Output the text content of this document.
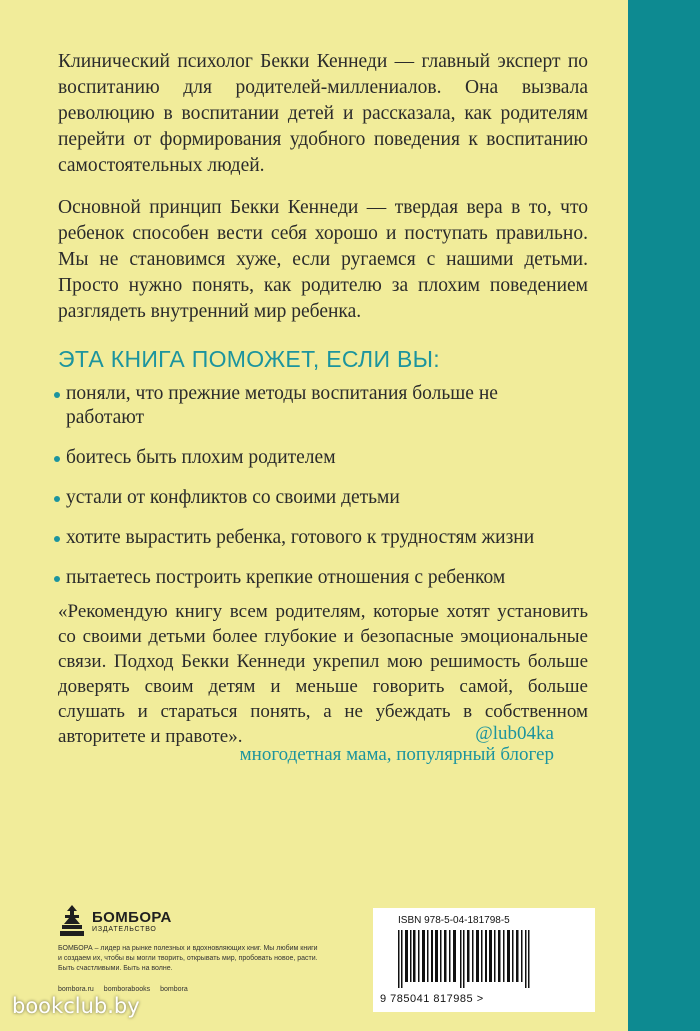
Клинический психолог Бекки Кеннеди — главный эксперт по воспитанию для родителей-миллениалов. Она вызвала революцию в воспитании детей и рассказала, как родителям перейти от формирования удобного поведения к воспитанию самостоятельных людей.
Основной принцип Бекки Кеннеди — твердая вера в то, что ребенок способен вести себя хорошо и поступать правильно. Мы не становимся хуже, если ругаемся с нашими детьми. Просто нужно понять, как родителю за плохим поведением разглядеть внутренний мир ребенка.
ЭТА КНИГА ПОМОЖЕТ, ЕСЛИ ВЫ:
поняли, что прежние методы воспитания больше не работают
боитесь быть плохим родителем
устали от конфликтов со своими детьми
хотите вырастить ребенка, готового к трудностям жизни
пытаетесь построить крепкие отношения с ребенком
«Рекомендую книгу всем родителям, которые хотят установить со своими детьми более глубокие и безопасные эмоциональные связи. Подход Бекки Кеннеди укрепил мою решимость больше доверять своим детям и меньше говорить самой, больше слушать и стараться понять, а не убеждать в собственном авторитете и правоте».	@lub04ka
многодетная мама, популярный блогер
БОМБОРА
ИЗДАТЕЛЬСТВО
БОМБОРА – лидер на рынке полезных и вдохновляющих книг. Мы любим книги и создаем их, чтобы вы могли творить, открывать мир, пробовать новое, расти. Быть счастливыми. Быть на волне.
bombora.ru bomborabooks bombora
ISBN 978-5-04-181798-5
9 785041 817985 >
bookclub.by
